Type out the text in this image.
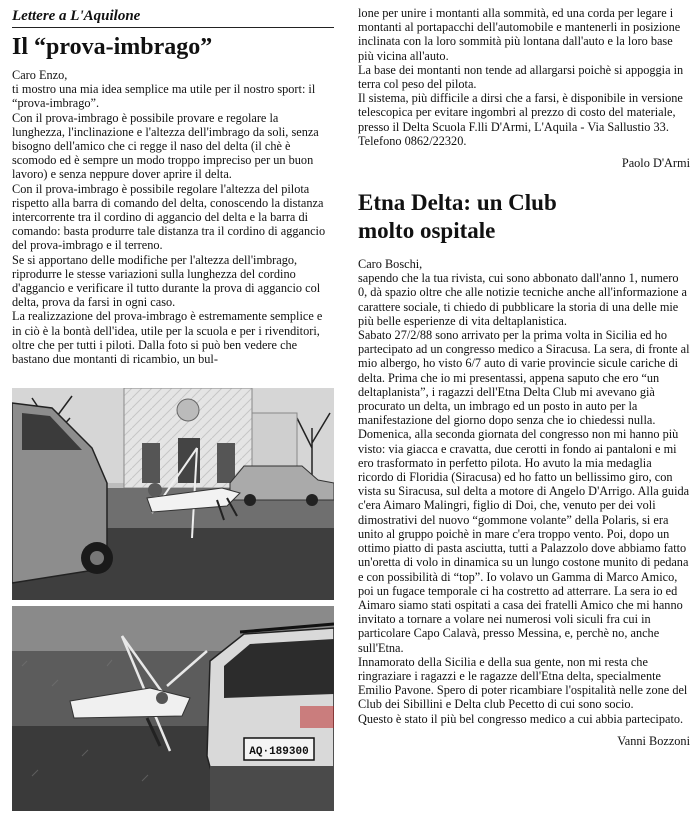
Lettere a L'Aquilone
Il “prova-imbrago”

Caro Enzo,

ti mostro una mia idea semplice ma utile per il nostro sport: il “prova-imbrago”.

Con il prova-imbrago è possibile provare e regolare la lunghezza, l'inclinazione e l'altezza dell'imbrago da soli, senza bisogno dell'amico che ci regge il naso del delta (il chè è scomodo ed è sempre un modo troppo impreciso per un buon lavoro) e senza neppure dover aprire il delta.

Con il prova-imbrago è possibile regolare l'altezza del pilota rispetto alla barra di comando del delta, conoscendo la distanza intercorrente tra il cordino di aggancio del delta e la barra di comando: basta produrre tale distanza tra il cordino di aggancio del prova-imbrago e il terreno.

Se si apportano delle modifiche per l'altezza dell'imbrago, riprodurre le stesse variazioni sulla lunghezza del cordino d'aggancio e verificare il tutto durante la prova di aggancio col delta, prova da farsi in ogni caso.

La realizzazione del prova-imbrago è estremamente semplice e in ciò è la bontà dell'idea, utile per la scuola e per i rivenditori, oltre che per tutti i piloti. Dalla foto si può ben vedere che bastano due montanti di ricambio, un bul-

AQ·189300

lone per unire i montanti alla sommità, ed una corda per legare i montanti al portapacchi dell'automobile e mantenerli in posizione inclinata con la loro sommità più lontana dall'auto e la loro base più vicina all'auto.

La base dei montanti non tende ad allargarsi poichè si appoggia in terra col peso del pilota.

Il sistema, più difficile a dirsi che a farsi, è disponibile in versione telescopica per evitare ingombri al prezzo di costo del materiale, presso il Delta Scuola F.lli D'Armi, L'Aquila - Via Sallustio 33. Telefono 0862/22320.

Paolo D'Armi
Etna Delta: un Club
molto ospitale

Caro Boschi,

sapendo che la tua rivista, cui sono abbonato dall'anno 1, numero 0, dà spazio oltre che alle notizie tecniche anche all'informazione a carattere sociale, ti chiedo di pubblicare la storia di una delle mie più belle esperienze di vita deltaplanistica.

Sabato 27/2/88 sono arrivato per la prima volta in Sicilia ed ho partecipato ad un congresso medico a Siracusa. La sera, di fronte al mio albergo, ho visto 6/7 auto di varie provincie sicule cariche di delta. Prima che io mi presentassi, appena saputo che ero “un deltaplanista”, i ragazzi dell'Etna Delta Club mi avevano già procurato un delta, un imbrago ed un posto in auto per la manifestazione del giorno dopo senza che io chiedessi nulla. Domenica, alla seconda giornata del congresso non mi hanno più visto: via giacca e cravatta, due cerotti in fondo ai pantaloni e mi ero trasformato in perfetto pilota. Ho avuto la mia medaglia ricordo di Floridia (Siracusa) ed ho fatto un bellissimo giro, con vista su Siracusa, sul delta a motore di Angelo D'Arrigo. Alla guida c'era Aimaro Malingri, figlio di Doi, che, venuto per dei voli dimostrativi del nuovo “gommone volante” della Polaris, si era unito al gruppo poichè in mare c'era troppo vento. Poi, dopo un ottimo piatto di pasta asciutta, tutti a Palazzolo dove abbiamo fatto un'oretta di volo in dinamica su un lungo costone munito di pedana e con possibilità di “top”. Io volavo un Gamma di Marco Amico, poi un fugace temporale ci ha costretto ad atterrare. La sera io ed Aimaro siamo stati ospitati a casa dei fratelli Amico che mi hanno invitato a tornare a volare nei numerosi voli siculi fra cui in particolare Capo Calavà, presso Messina, e, perchè no, anche sull'Etna.

Innamorato della Sicilia e della sua gente, non mi resta che ringraziare i ragazzi e le ragazze dell'Etna delta, specialmente Emilio Pavone. Spero di poter ricambiare l'ospitalità nelle zone del Club dei Sibillini e Delta club Pecetto di cui sono socio.

Questo è stato il più bel congresso medico a cui abbia partecipato.

Vanni Bozzoni
